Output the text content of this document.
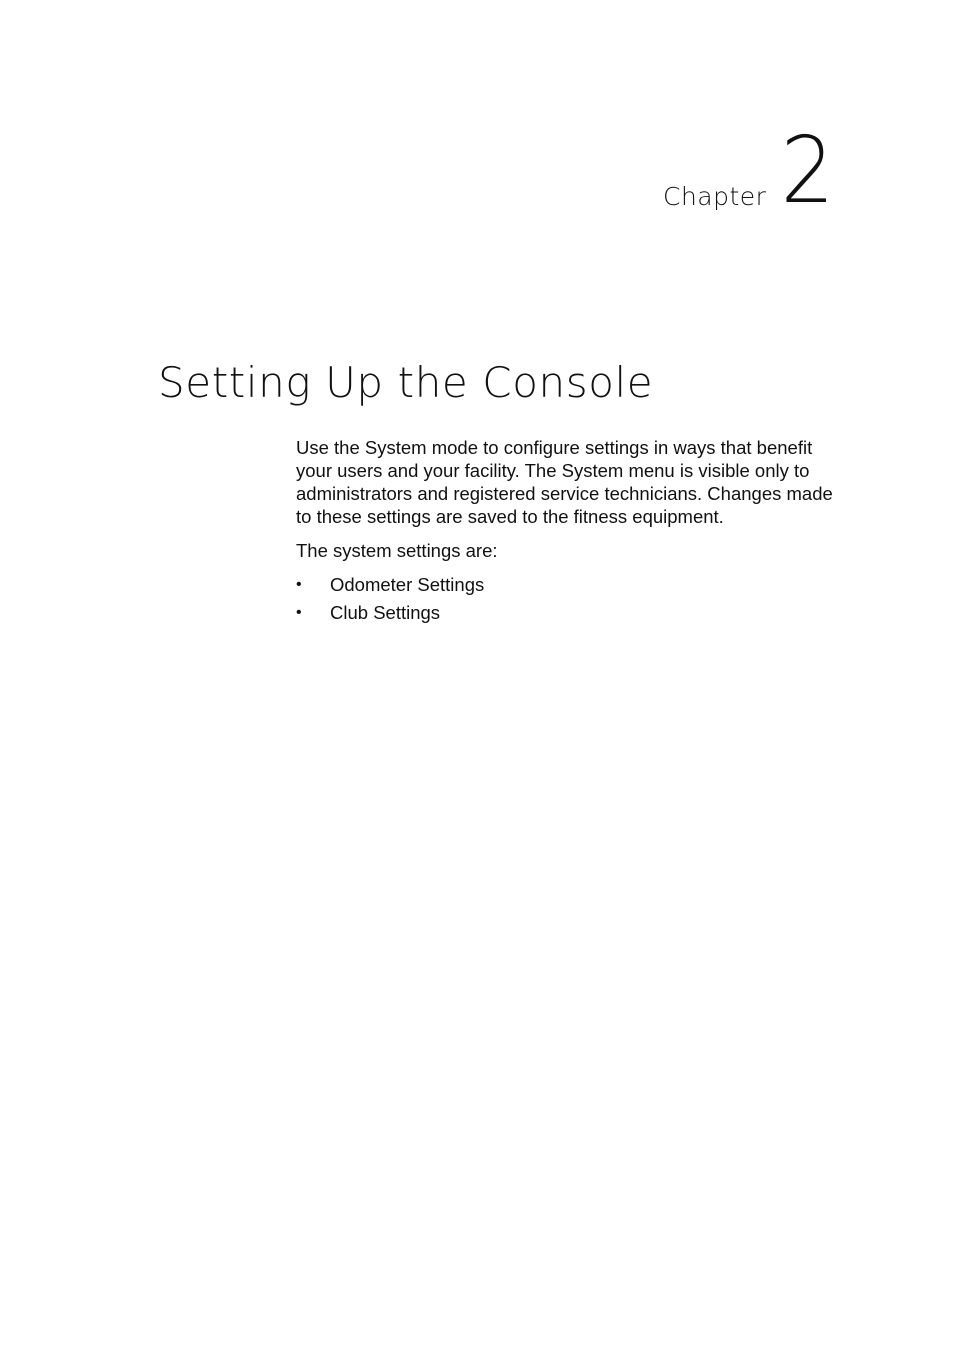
Chapter 2
Setting Up the Console

Use the System mode to configure settings in ways that benefit your users and your facility. The System menu is visible only to administrators and registered service technicians. Changes made to these settings are saved to the fitness equipment.

The system settings are:

• Odometer Settings
• Club Settings
